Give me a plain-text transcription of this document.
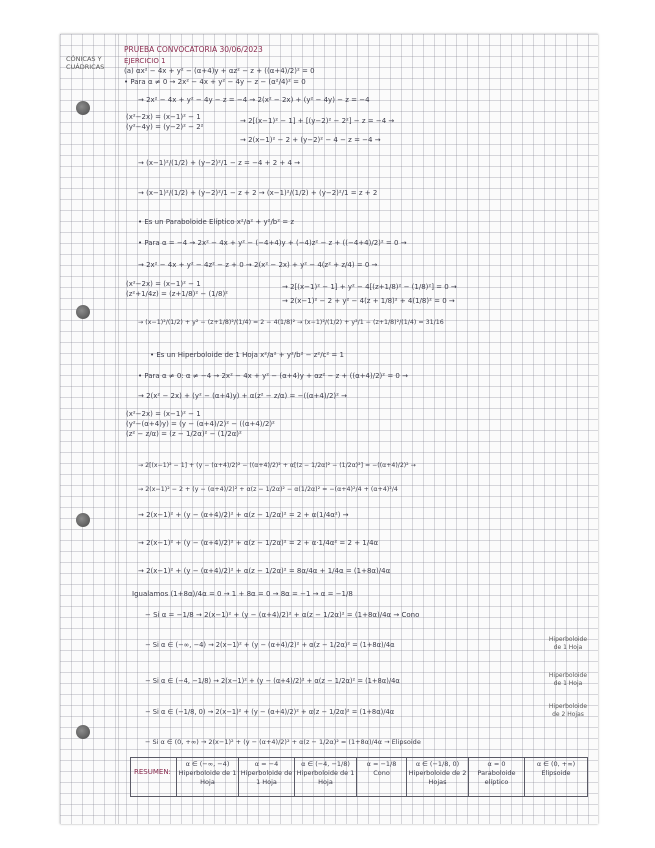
CÓNICAS Y CUÁDRICAS
PRUEBA CONVOCATORIA 30/06/2023
EJERCICIO 1
(a) αx² − 4x + y² − (α+4)y + αz² − z + ((α+4)/2)² = 0
• Para α ≠ 0 → 2x² − 4x + y² − 4y − z − (α²/4)² = 0
→ 2x² − 4x + y² − 4y − z = −4 → 2(x² − 2x) + (y² − 4y) − z = −4
(x²−2x) = (x−1)² − 1
(y²−4y) = (y−2)² − 2²
→ 2[(x−1)² − 1] + [(y−2)² − 2²] − z = −4 →
→ 2(x−1)² − 2 + (y−2)² − 4 − z = −4 →
→ (x−1)²/(1/2) + (y−2)²/1 − z = −4 + 2 + 4 →
→ (x−1)²/(1/2) + (y−2)²/1 − z + 2 → (x−1)²/(1/2) + (y−2)²/1 = z + 2
• Es un Paraboloide Elíptico x²/a² + y²/b² = z
• Para α = −4 → 2x² − 4x + y² − (−4+4)y + (−4)z² − z + ((−4+4)/2)² = 0 →
→ 2x² − 4x + y² − 4z² − z + 0 → 2(x² − 2x) + y² − 4(z² + z/4) = 0 →
(x²−2x) = (x−1)² − 1
(z²+1/4z) = (z+1/8)² − (1/8)²
→ 2[(x−1)² − 1] + y² − 4[(z+1/8)² − (1/8)²] = 0 →
→ 2(x−1)² − 2 + y² − 4(z + 1/8)² + 4(1/8)² = 0 →
→ (x−1)²/(1/2) + y² − (z+1/8)²/(1/4) = 2 − 4(1/8)² → (x−1)²/(1/2) + y²/1 − (z+1/8)²/(1/4) = 31/16
• Es un Hiperboloide de 1 Hoja x²/a² + y²/b² − z²/c² = 1
• Para α ≠ 0: α ≠ −4 → 2x² − 4x + y² − (α+4)y + αz² − z + ((α+4)/2)² = 0 →
→ 2(x² − 2x) + (y² − (α+4)y) + α(z² − z/α) = −((α+4)/2)² →
(x²−2x) = (x−1)² − 1
(y²−(α+4)y) = (y − (α+4)/2)² − ((α+4)/2)²
(z² − z/α) = (z − 1/2α)² − (1/2α)²
→ 2[(x−1)² − 1] + (y − (α+4)/2)² − ((α+4)/2)² + α[(z − 1/2α)² − (1/2α)²] = −((α+4)/2)² →
→ 2(x−1)² − 2 + (y − (α+4)/2)² + α(z − 1/2α)² − α(1/2α)² = −(α+4)²/4 + (α+4)²/4
→ 2(x−1)² + (y − (α+4)/2)² + α(z − 1/2α)² = 2 + α(1/4α²) →
→ 2(x−1)² + (y − (α+4)/2)² + α(z − 1/2α)² = 2 + α·1/4α² = 2 + 1/4α
→ 2(x−1)² + (y − (α+4)/2)² + α(z − 1/2α)² = 8α/4α + 1/4α = (1+8α)/4α
Igualamos (1+8α)/4α = 0 → 1 + 8α = 0 → 8α = −1 → α = −1/8
− Si α = −1/8 → 2(x−1)² + (y − (α+4)/2)² + α(z − 1/2α)² = (1+8α)/4α → Cono
− Si α ∈ (−∞, −4) → 2(x−1)² + (y − (α+4)/2)² + α(z − 1/2α)² = (1+8α)/4α
− Si α ∈ (−4, −1/8) → 2(x−1)² + (y − (α+4)/2)² + α(z − 1/2α)² = (1+8α)/4α
− Si α ∈ (−1/8, 0) → 2(x−1)² + (y − (α+4)/2)² + α(z − 1/2α)² = (1+8α)/4α
− Si α ∈ (0, +∞) → 2(x−1)² + (y − (α+4)/2)² + α(z − 1/2α)² = (1+8α)/4α → Elipsoide
Hiperboloide de 1 Hoja
Hiperboloide de 1 Hoja
Hiperboloide de 2 Hojas
RESUMEN:
α ∈ (−∞, −4)
Hiperboloide de 1 Hoja
α = −4
Hiperboloide de 1 Hoja
α ∈ (−4, −1/8)
Hiperboloide de 1 Hoja
α = −1/8
Cono
α ∈ (−1/8, 0)
Hiperboloide de 2 Hojas
α = 0
Paraboloide elíptico
α ∈ (0, +∞)
Elipsoide
